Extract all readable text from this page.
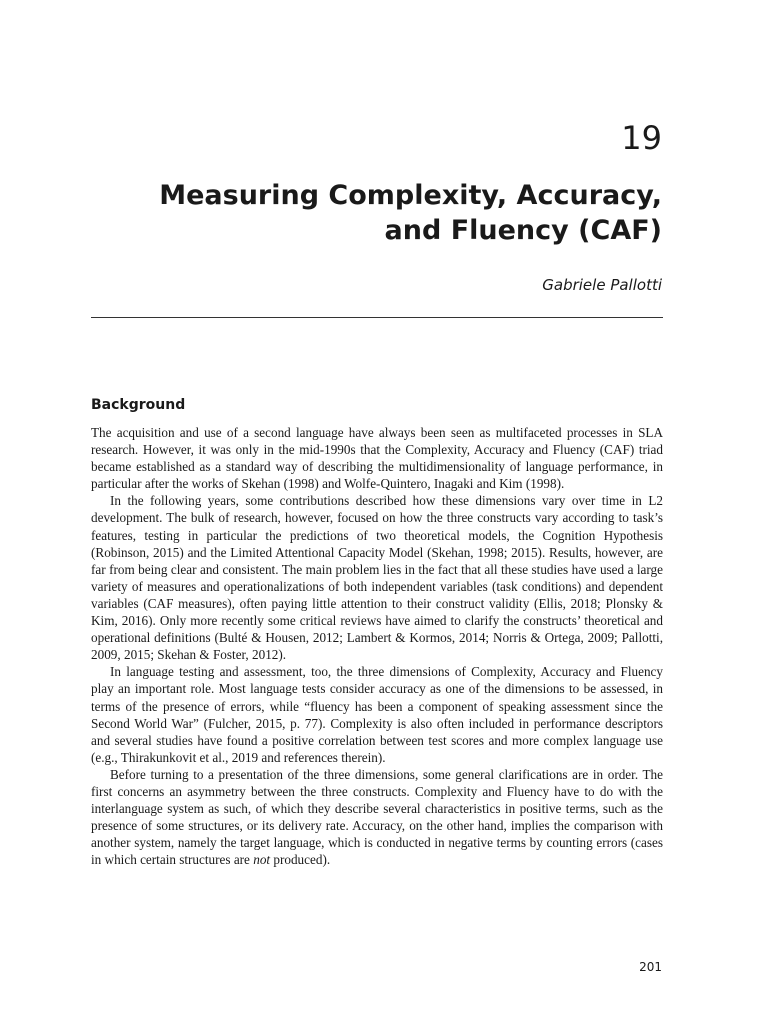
19
Measuring Complexity, Accuracy,
and Fluency (CAF)
Gabriele Pallotti
Background

The acquisition and use of a second language have always been seen as multifaceted processes in SLA research. However, it was only in the mid-1990s that the Complexity, Accuracy and Fluency (CAF) triad became established as a standard way of describing the multidimensionality of language performance, in particular after the works of Skehan (1998) and Wolfe-Quintero, Inagaki and Kim (1998).

In the following years, some contributions described how these dimensions vary over time in L2 development. The bulk of research, however, focused on how the three constructs vary according to task’s features, testing in particular the predictions of two theoretical models, the Cognition Hypothesis (Robinson, 2015) and the Limited Attentional Capacity Model (Skehan, 1998; 2015). Results, however, are far from being clear and consistent. The main problem lies in the fact that all these studies have used a large variety of measures and operationalizations of both independent variables (task conditions) and dependent variables (CAF measures), often paying little attention to their construct validity (Ellis, 2018; Plonsky & Kim, 2016). Only more recently some critical reviews have aimed to clarify the constructs’ theoretical and operational definitions (Bulté & Housen, 2012; Lambert & Kormos, 2014; Norris & Ortega, 2009; Pallotti, 2009, 2015; Skehan & Foster, 2012).

In language testing and assessment, too, the three dimensions of Complexity, Accuracy and Fluency play an important role. Most language tests consider accuracy as one of the dimensions to be assessed, in terms of the presence of errors, while “fluency has been a component of speaking assessment since the Second World War” (Fulcher, 2015, p. 77). Complexity is also often included in performance descriptors and several studies have found a positive correlation between test scores and more complex language use (e.g., Thirakunkovit et al., 2019 and references therein).

Before turning to a presentation of the three dimensions, some general clarifications are in order. The first concerns an asymmetry between the three constructs. Complexity and Fluency have to do with the interlanguage system as such, of which they describe several characteristics in positive terms, such as the presence of some structures, or its delivery rate. Accuracy, on the other hand, implies the comparison with another system, namely the target language, which is conducted in negative terms by counting errors (cases in which certain structures are not produced).

201
